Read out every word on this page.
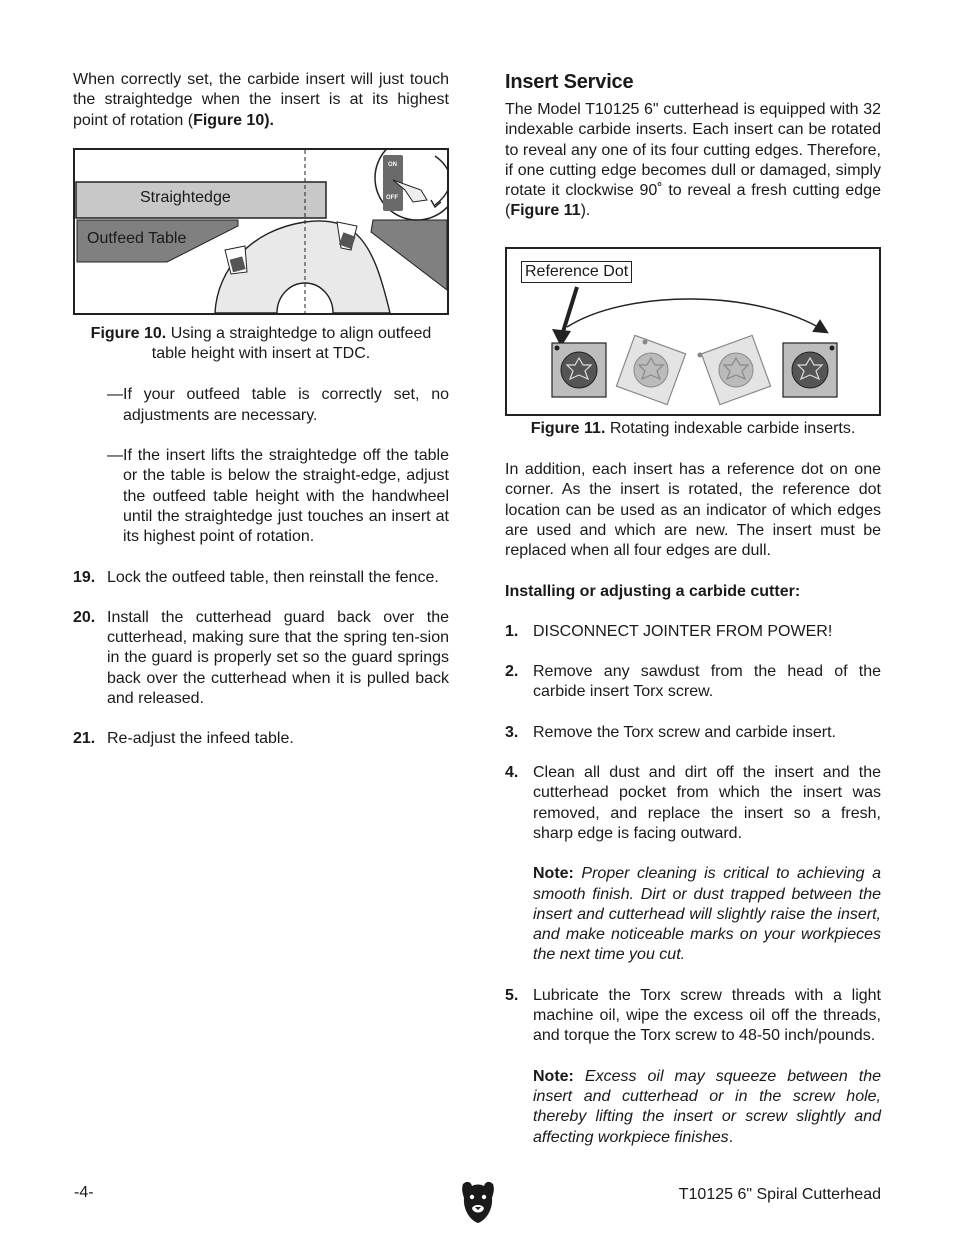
When correctly set, the carbide insert will just touch the straightedge when the insert is at its highest point of rotation (Figure 10).

ON
OFF
Straightedge
Outfeed Table

Figure 10. Using a straightedge to align outfeed table height with insert at TDC.

—If your outfeed table is correctly set, no adjustments are necessary.

—If the insert lifts the straightedge off the table or the table is below the straight-edge, adjust the outfeed table height with the handwheel until the straightedge just touches an insert at its highest point of rotation.

19. Lock the outfeed table, then reinstall the fence.
20. Install the cutterhead guard back over the cutterhead, making sure that the spring ten-sion in the guard is properly set so the guard springs back over the cutterhead when it is pulled back and released.
21. Re-adjust the infeed table.
Insert Service

The Model T10125 6" cutterhead is equipped with 32 indexable carbide inserts. Each insert can be rotated to reveal any one of its four cutting edges. Therefore, if one cutting edge becomes dull or damaged, simply rotate it clockwise 90˚ to reveal a fresh cutting edge (Figure 11).

Reference Dot

Figure 11. Rotating indexable carbide inserts.

In addition, each insert has a reference dot on one corner. As the insert is rotated, the reference dot location can be used as an indicator of which edges are used and which are new. The insert must be replaced when all four edges are dull.

Installing or adjusting a carbide cutter:

1. DISCONNECT JOINTER FROM POWER!
2. Remove any sawdust from the head of the carbide insert Torx screw.
3. Remove the Torx screw and carbide insert.
4. Clean all dust and dirt off the insert and the cutterhead pocket from which the insert was removed, and replace the insert so a fresh, sharp edge is facing outward.

Note: Proper cleaning is critical to achieving a smooth finish. Dirt or dust trapped between the insert and cutterhead will slightly raise the insert, and make noticeable marks on your workpieces the next time you cut.

5. Lubricate the Torx screw threads with a light machine oil, wipe the excess oil off the threads, and torque the Torx screw to 48-50 inch/pounds.

Note: Excess oil may squeeze between the insert and cutterhead or in the screw hole, thereby lifting the insert or screw slightly and affecting workpiece finishes.

-4-	T10125 6" Spiral Cutterhead
